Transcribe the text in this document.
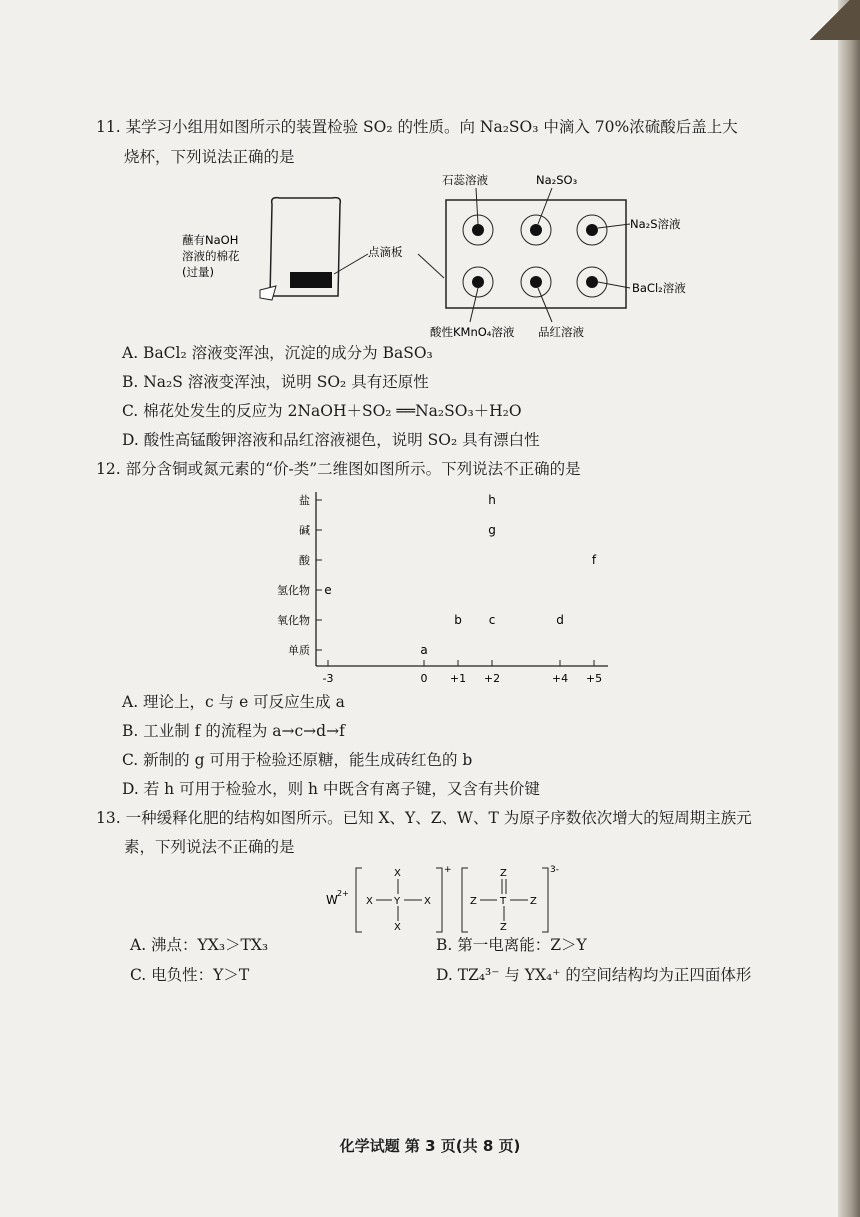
11. 某学习小组用如图所示的装置检验 SO₂ 的性质。向 Na₂SO₃ 中滴入 70%浓硫酸后盖上大
烧杯，下列说法正确的是
蘸有NaOH
溶液的棉花
(过量)
点滴板
石蕊溶液	Na₂SO₃
Na₂S溶液
BaCl₂溶液
酸性KMnO₄溶液 品红溶液
A. BaCl₂ 溶液变浑浊，沉淀的成分为 BaSO₃
B. Na₂S 溶液变浑浊，说明 SO₂ 具有还原性
C. 棉花处发生的反应为 2NaOH＋SO₂ ══Na₂SO₃＋H₂O
D. 酸性高锰酸钾溶液和品红溶液褪色，说明 SO₂ 具有漂白性
12. 部分含铜或氮元素的“价-类”二维图如图所示。下列说法不正确的是
盐
碱
酸
氢化物
氧化物
单质
-3	0 +1 +2	+4 +5
h
g
f
e
b c	d
a
A. 理论上，c 与 e 可反应生成 a
B. 工业制 f 的流程为 a→c→d→f
C. 新制的 g 可用于检验还原糖，能生成砖红色的 b
D. 若 h 可用于检验水，则 h 中既含有离子键，又含有共价键
13. 一种缓释化肥的结构如图所示。已知 X、Y、Z、W、T 为原子序数依次增大的短周期主族元
素，下列说法不正确的是
W 2+
+
X
X Y X
X
3-
Z
Z T Z
Z
A. 沸点：YX₃＞TX₃	B. 第一电离能：Z＞Y
C. 电负性：Y＞T	D. TZ₄³⁻ 与 YX₄⁺ 的空间结构均为正四面体形
化学试题 第 3 页(共 8 页)
